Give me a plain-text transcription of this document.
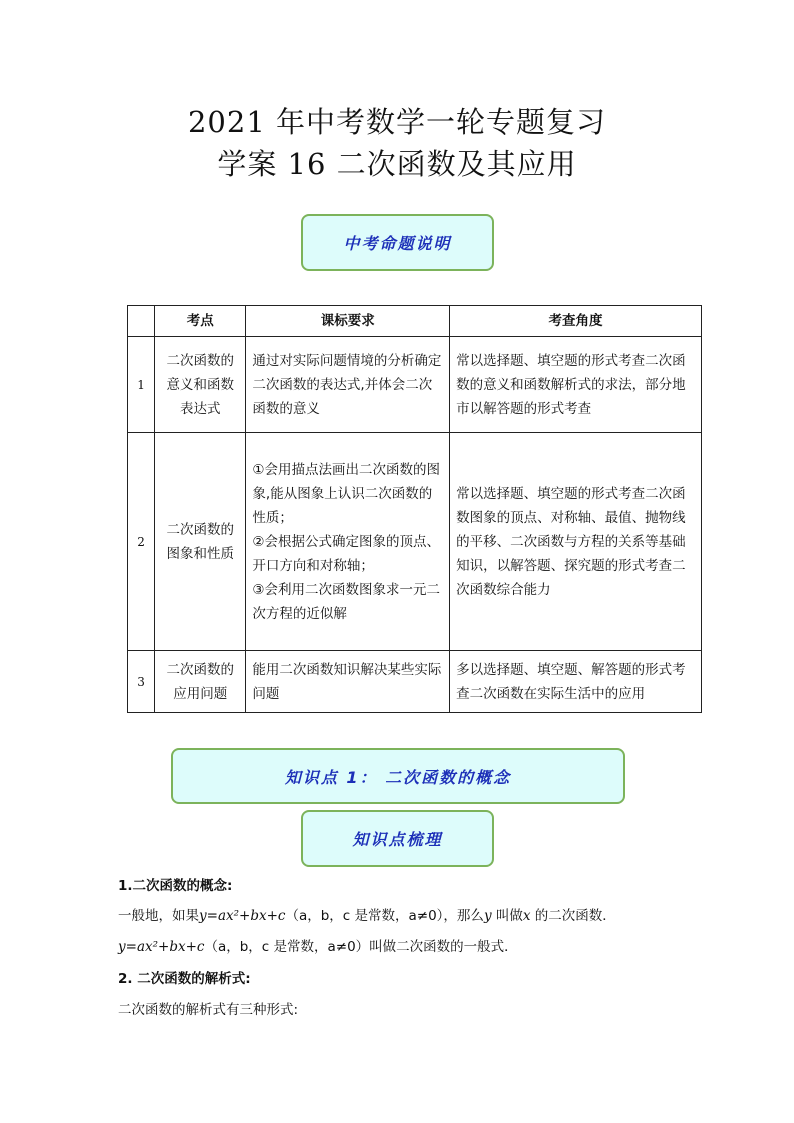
2021 年中考数学一轮专题复习
学案 16 二次函数及其应用
中考命题说明
	考点	课标要求	考查角度
1	二次函数的意义和函数表达式	通过对实际问题情境的分析确定二次函数的表达式,并体会二次函数的意义	常以选择题、填空题的形式考查二次函数的意义和函数解析式的求法，部分地市以解答题的形式考查
2	二次函数的图象和性质	①会用描点法画出二次函数的图象,能从图象上认识二次函数的性质；
②会根据公式确定图象的顶点、开口方向和对称轴；
③会利用二次函数图象求一元二次方程的近似解	常以选择题、填空题的形式考查二次函数图象的顶点、对称轴、最值、抛物线的平移、二次函数与方程的关系等基础知识，以解答题、探究题的形式考查二次函数综合能力
3	二次函数的应用问题	能用二次函数知识解决某些实际问题	多以选择题、填空题、解答题的形式考查二次函数在实际生活中的应用
知识点 1： 二次函数的概念
知识点梳理
1.二次函数的概念:
一般地，如果y=ax²+bx+c（a，b，c 是常数，a≠0），那么y 叫做x 的二次函数．
y=ax²+bx+c（a，b，c 是常数，a≠0）叫做二次函数的一般式．
2. 二次函数的解析式:
二次函数的解析式有三种形式:
